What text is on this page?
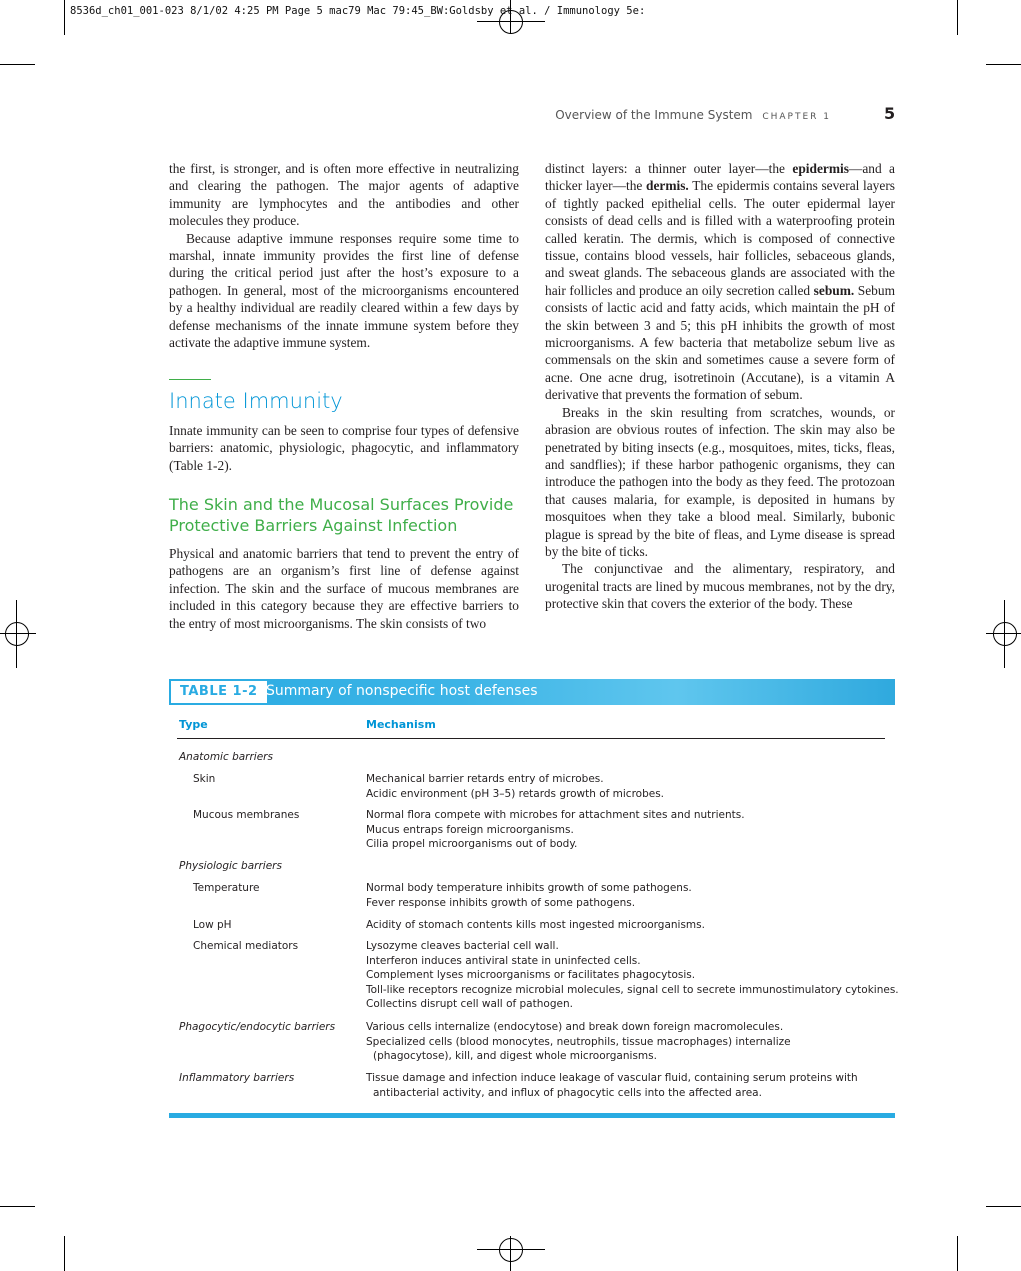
8536d_ch01_001-023 8/1/02 4:25 PM Page 5 mac79 Mac 79:45_BW:Goldsby et al. / Immunology 5e:
Overview of the Immune System CHAPTER 1	5

the first, is stronger, and is often more effective in neutralizing and clearing the pathogen. The major agents of adaptive immunity are lymphocytes and the antibodies and other molecules they produce.

Because adaptive immune responses require some time to marshal, innate immunity provides the first line of defense during the critical period just after the host’s exposure to a pathogen. In general, most of the microorganisms encountered by a healthy individual are readily cleared within a few days by defense mechanisms of the innate immune system before they activate the adaptive immune system.

Innate Immunity

Innate immunity can be seen to comprise four types of defensive barriers: anatomic, physiologic, phagocytic, and inflammatory (Table 1-2).

The Skin and the Mucosal Surfaces Provide Protective Barriers Against Infection

Physical and anatomic barriers that tend to prevent the entry of pathogens are an organism’s first line of defense against infection. The skin and the surface of mucous membranes are included in this category because they are effective barriers to the entry of most microorganisms. The skin consists of two

distinct layers: a thinner outer layer—the epidermis—and a thicker layer—the dermis. The epidermis contains several layers of tightly packed epithelial cells. The outer epidermal layer consists of dead cells and is filled with a waterproofing protein called keratin. The dermis, which is composed of connective tissue, contains blood vessels, hair follicles, sebaceous glands, and sweat glands. The sebaceous glands are associated with the hair follicles and produce an oily secretion called sebum. Sebum consists of lactic acid and fatty acids, which maintain the pH of the skin between 3 and 5; this pH inhibits the growth of most microorganisms. A few bacteria that metabolize sebum live as commensals on the skin and sometimes cause a severe form of acne. One acne drug, isotretinoin (Accutane), is a vitamin A derivative that prevents the formation of sebum.

Breaks in the skin resulting from scratches, wounds, or abrasion are obvious routes of infection. The skin may also be penetrated by biting insects (e.g., mosquitoes, mites, ticks, fleas, and sandflies); if these harbor pathogenic organisms, they can introduce the pathogen into the body as they feed. The protozoan that causes malaria, for example, is deposited in humans by mosquitoes when they take a blood meal. Similarly, bubonic plague is spread by the bite of fleas, and Lyme disease is spread by the bite of ticks.

The conjunctivae and the alimentary, respiratory, and urogenital tracts are lined by mucous membranes, not by the dry, protective skin that covers the exterior of the body. These

TABLE 1-2 Summary of nonspecific host defenses
Type	Mechanism
Anatomic barriers
Skin	Mechanical barrier retards entry of microbes.
Acidic environment (pH 3–5) retards growth of microbes.
Mucous membranes	Normal flora compete with microbes for attachment sites and nutrients.
Mucus entraps foreign microorganisms.
Cilia propel microorganisms out of body.
Physiologic barriers
Temperature	Normal body temperature inhibits growth of some pathogens.
Fever response inhibits growth of some pathogens.
Low pH	Acidity of stomach contents kills most ingested microorganisms.
Chemical mediators	Lysozyme cleaves bacterial cell wall.
Interferon induces antiviral state in uninfected cells.
Complement lyses microorganisms or facilitates phagocytosis.
Toll-like receptors recognize microbial molecules, signal cell to secrete immunostimulatory cytokines.
Collectins disrupt cell wall of pathogen.
Phagocytic/endocytic barriers	Various cells internalize (endocytose) and break down foreign macromolecules.
Specialized cells (blood monocytes, neutrophils, tissue macrophages) internalize
(phagocytose), kill, and digest whole microorganisms.
Inflammatory barriers	Tissue damage and infection induce leakage of vascular fluid, containing serum proteins with
antibacterial activity, and influx of phagocytic cells into the affected area.
